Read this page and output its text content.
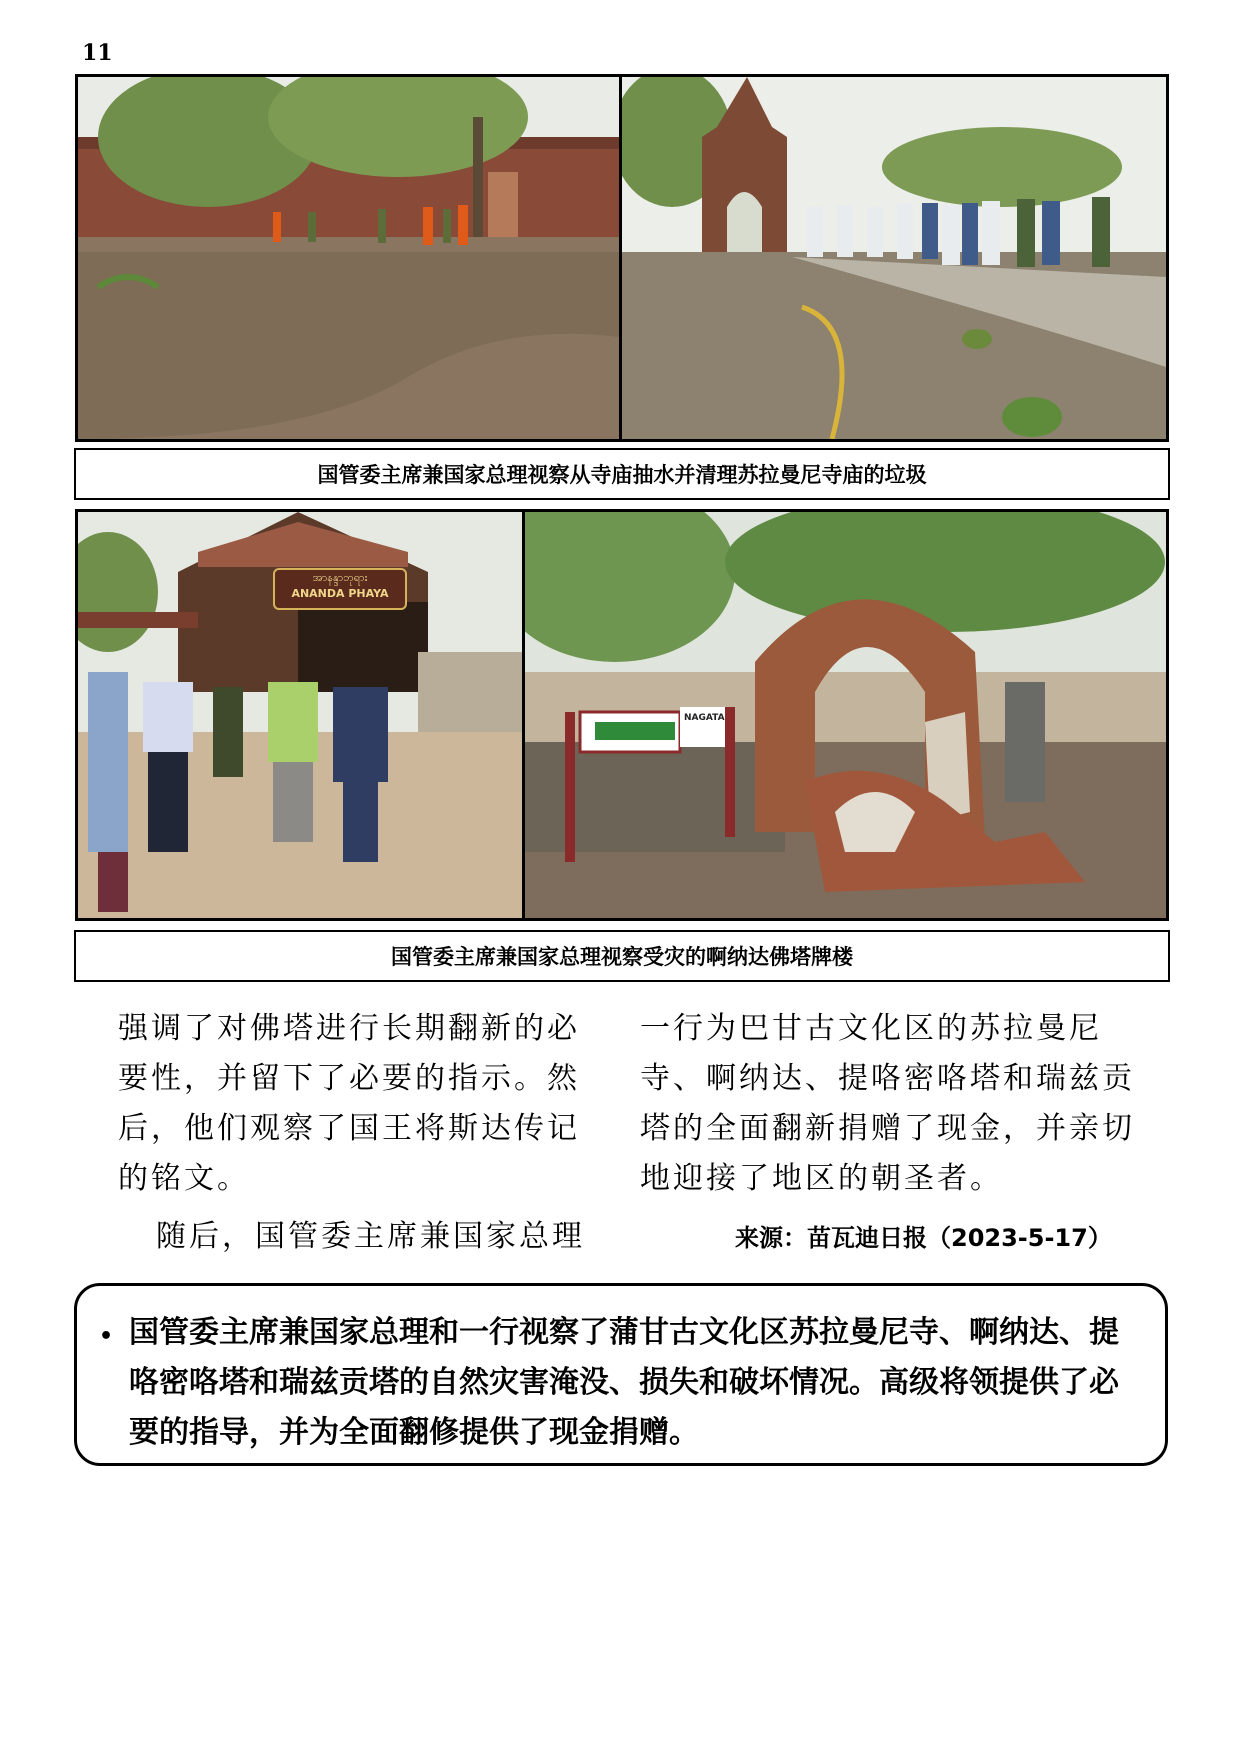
11
国管委主席兼国家总理视察从寺庙抽水并清理苏拉曼尼寺庙的垃圾
အာနန္ဒာဘုရား
ANANDA PHAYA
NAGATA
国管委主席兼国家总理视察受灾的啊纳达佛塔牌楼

强调了对佛塔进行长期翻新的必要性，并留下了必要的指示。然后，他们观察了国王将斯达传记的铭文。

随后，国管委主席兼国家总理

一行为巴甘古文化区的苏拉曼尼寺、啊纳达、提咯密咯塔和瑞兹贡塔的全面翻新捐赠了现金，并亲切地迎接了地区的朝圣者。

来源：苗瓦迪日报（2023-5-17）
• 国管委主席兼国家总理和一行视察了蒲甘古文化区苏拉曼尼寺、啊纳达、提咯密咯塔和瑞兹贡塔的自然灾害淹没、损失和破坏情况。高级将领提供了必要的指导，并为全面翻修提供了现金捐赠。
